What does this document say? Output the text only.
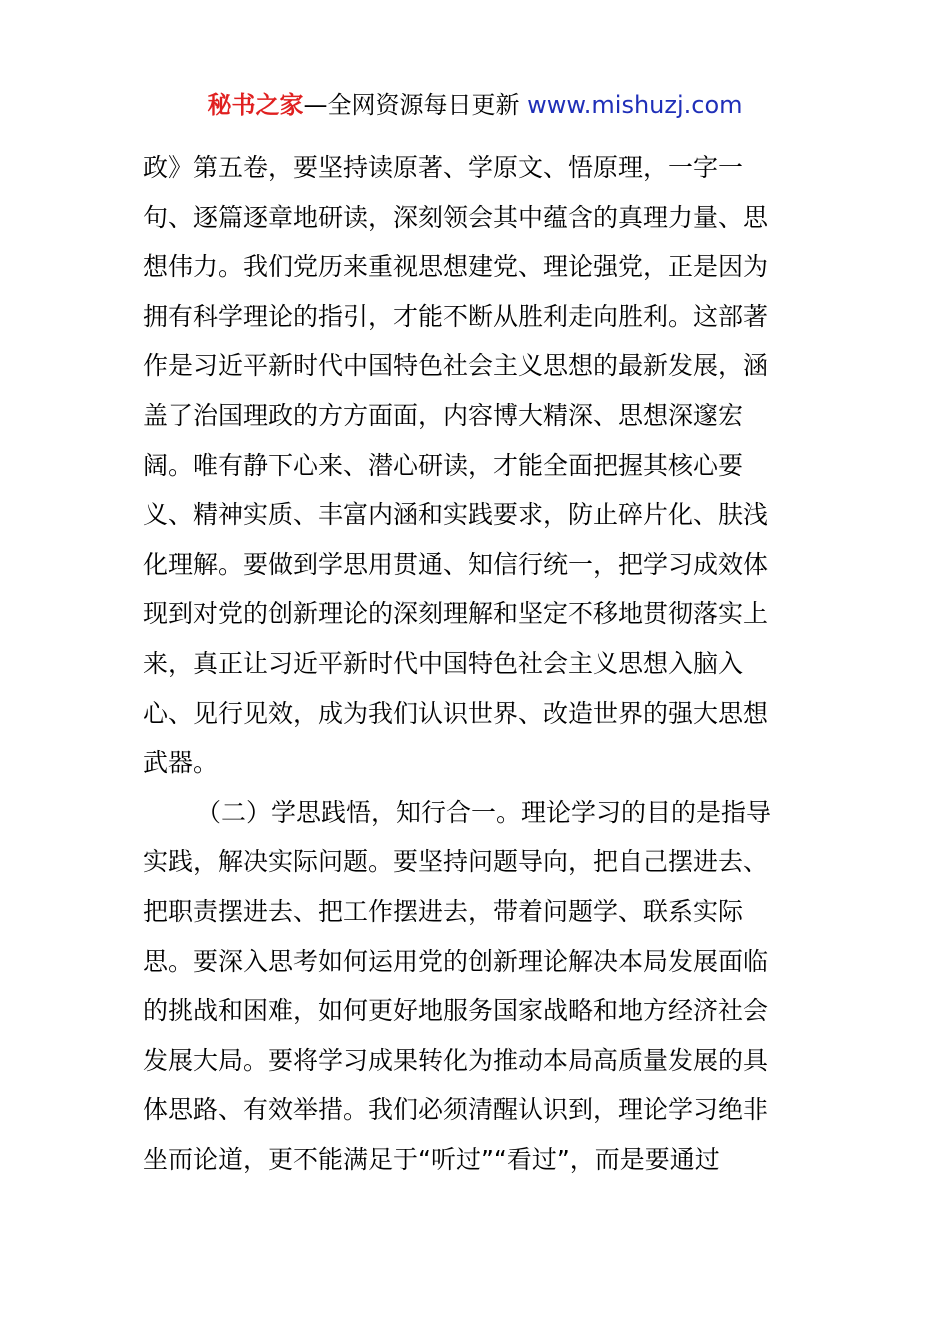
秘书之家—全网资源每日更新 www.mishuzj.com
政》第五卷，要坚持读原著、学原文、悟原理，一字一
句、逐篇逐章地研读，深刻领会其中蕴含的真理力量、思
想伟力。我们党历来重视思想建党、理论强党，正是因为
拥有科学理论的指引，才能不断从胜利走向胜利。这部著
作是习近平新时代中国特色社会主义思想的最新发展，涵
盖了治国理政的方方面面，内容博大精深、思想深邃宏
阔。唯有静下心来、潜心研读，才能全面把握其核心要
义、精神实质、丰富内涵和实践要求，防止碎片化、肤浅
化理解。要做到学思用贯通、知信行统一，把学习成效体
现到对党的创新理论的深刻理解和坚定不移地贯彻落实上
来，真正让习近平新时代中国特色社会主义思想入脑入
心、见行见效，成为我们认识世界、改造世界的强大思想
武器。
（二）学思践悟，知行合一。理论学习的目的是指导
实践，解决实际问题。要坚持问题导向，把自己摆进去、
把职责摆进去、把工作摆进去，带着问题学、联系实际
思。要深入思考如何运用党的创新理论解决本局发展面临
的挑战和困难，如何更好地服务国家战略和地方经济社会
发展大局。要将学习成果转化为推动本局高质量发展的具
体思路、有效举措。我们必须清醒认识到，理论学习绝非
坐而论道，更不能满足于“听过”“看过”，而是要通过
